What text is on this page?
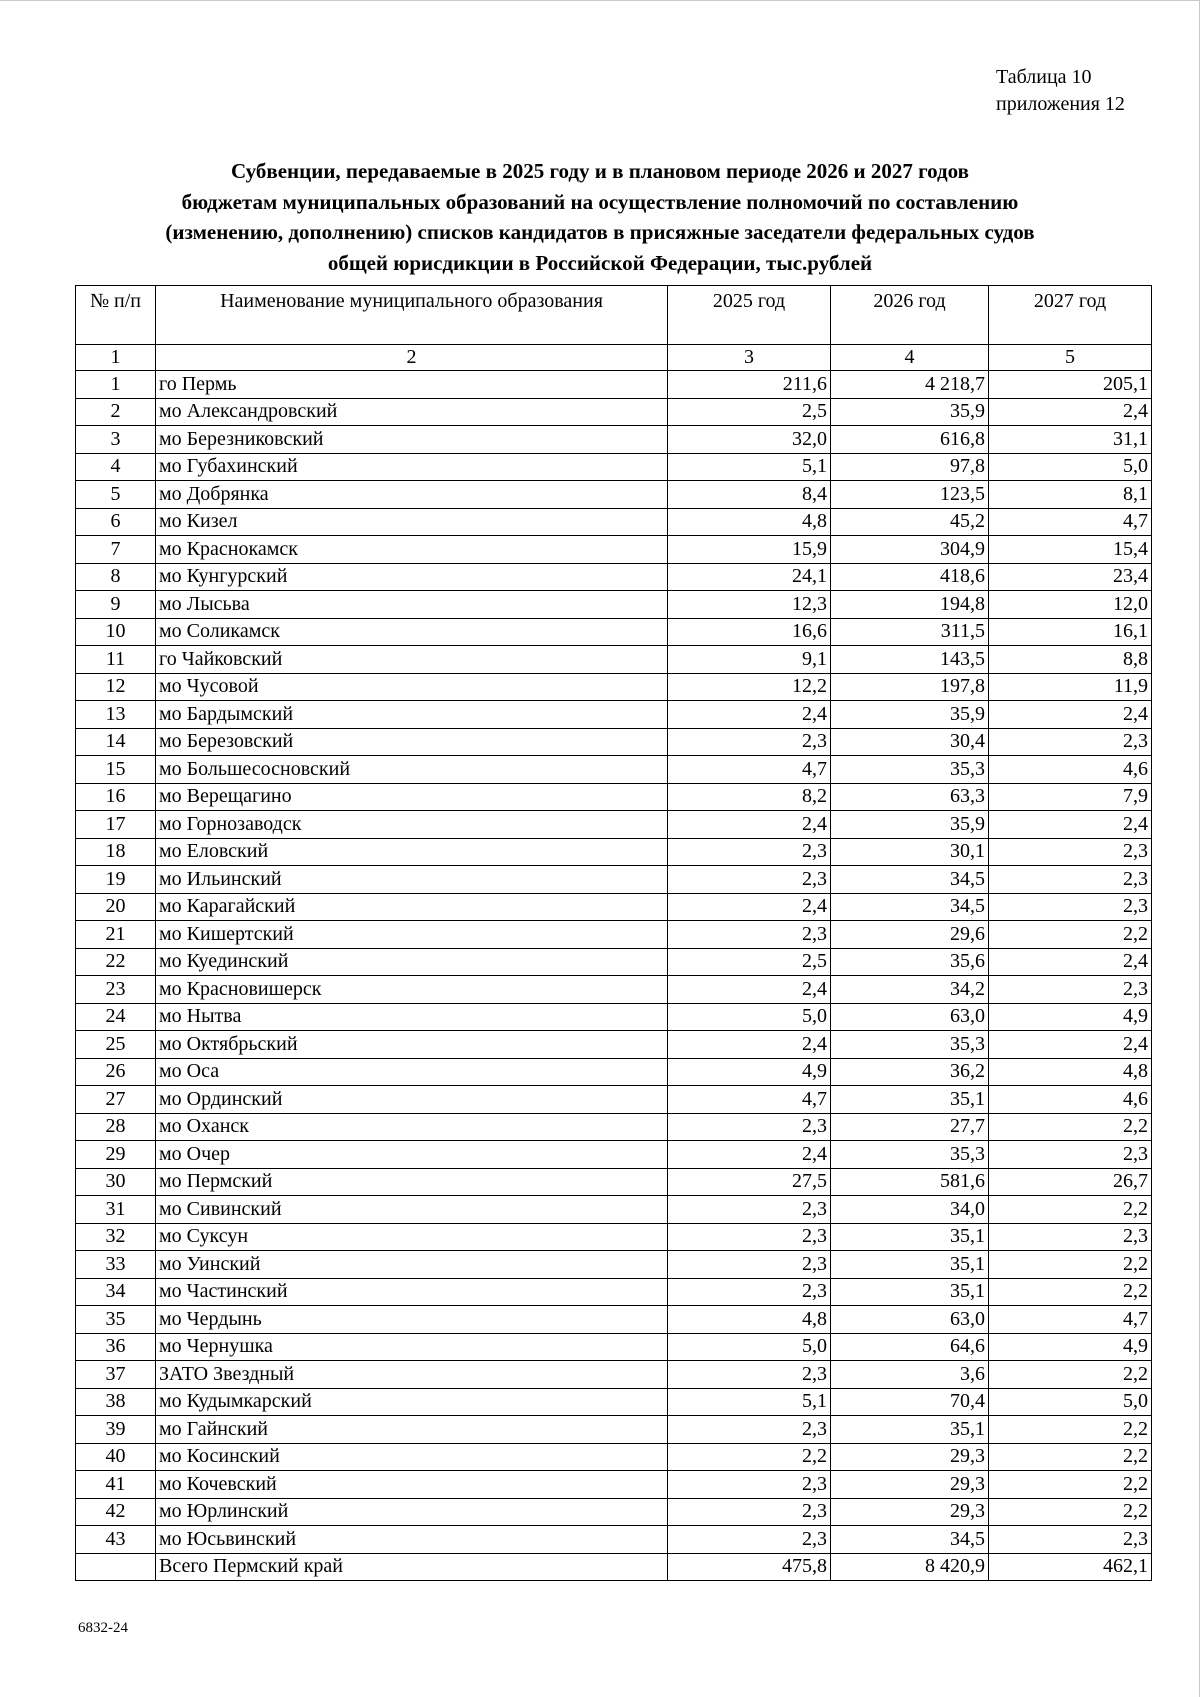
Таблица 10
приложения 12
Субвенции, передаваемые в 2025 году и в плановом периоде 2026 и 2027 годов
бюджетам муниципальных образований на осуществление полномочий по составлению
(изменению, дополнению) списков кандидатов в присяжные заседатели федеральных судов
общей юрисдикции в Российской Федерации, тыс.рублей
№ п/п	Наименование муниципального образования	2025 год	2026 год	2027 год
1	2	3	4	5
1	го Пермь	211,6	4 218,7	205,1
2	мо Александровский	2,5	35,9	2,4
3	мо Березниковский	32,0	616,8	31,1
4	мо Губахинский	5,1	97,8	5,0
5	мо Добрянка	8,4	123,5	8,1
6	мо Кизел	4,8	45,2	4,7
7	мо Краснокамск	15,9	304,9	15,4
8	мо Кунгурский	24,1	418,6	23,4
9	мо Лысьва	12,3	194,8	12,0
10	мо Соликамск	16,6	311,5	16,1
11	го Чайковский	9,1	143,5	8,8
12	мо Чусовой	12,2	197,8	11,9
13	мо Бардымский	2,4	35,9	2,4
14	мо Березовский	2,3	30,4	2,3
15	мо Большесосновский	4,7	35,3	4,6
16	мо Верещагино	8,2	63,3	7,9
17	мо Горнозаводск	2,4	35,9	2,4
18	мо Еловский	2,3	30,1	2,3
19	мо Ильинский	2,3	34,5	2,3
20	мо Карагайский	2,4	34,5	2,3
21	мо Кишертский	2,3	29,6	2,2
22	мо Куединский	2,5	35,6	2,4
23	мо Красновишерск	2,4	34,2	2,3
24	мо Нытва	5,0	63,0	4,9
25	мо Октябрьский	2,4	35,3	2,4
26	мо Оса	4,9	36,2	4,8
27	мо Ординский	4,7	35,1	4,6
28	мо Оханск	2,3	27,7	2,2
29	мо Очер	2,4	35,3	2,3
30	мо Пермский	27,5	581,6	26,7
31	мо Сивинский	2,3	34,0	2,2
32	мо Суксун	2,3	35,1	2,3
33	мо Уинский	2,3	35,1	2,2
34	мо Частинский	2,3	35,1	2,2
35	мо Чердынь	4,8	63,0	4,7
36	мо Чернушка	5,0	64,6	4,9
37	ЗАТО Звездный	2,3	3,6	2,2
38	мо Кудымкарский	5,1	70,4	5,0
39	мо Гайнский	2,3	35,1	2,2
40	мо Косинский	2,2	29,3	2,2
41	мо Кочевский	2,3	29,3	2,2
42	мо Юрлинский	2,3	29,3	2,2
43	мо Юсьвинский	2,3	34,5	2,3
	Всего Пермский край	475,8	8 420,9	462,1
6832-24
